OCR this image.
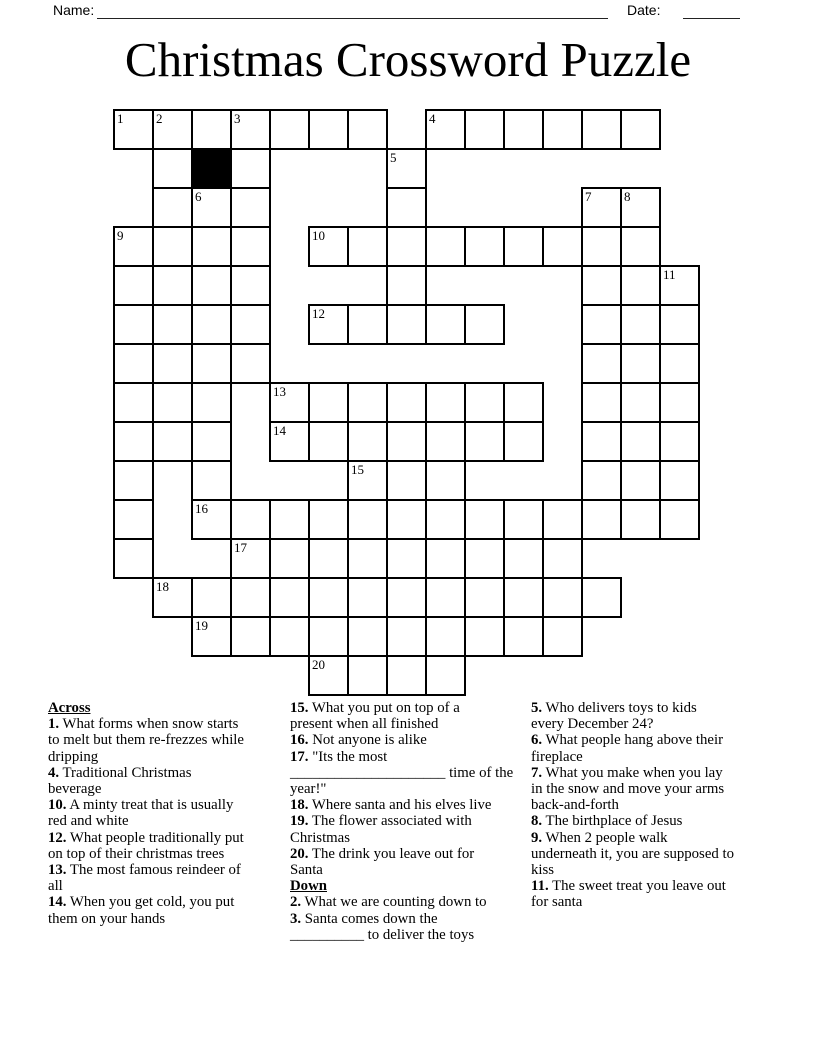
Name:	Date:
Christmas Crossword Puzzle
1	2	3	4
5
6	7	8
9	10
11
12
13
14
15
16
17
18
19
20
Across
1. What forms when snow starts
to melt but them re-frezzes while
dripping
4. Traditional Christmas
beverage
10. A minty treat that is usually
red and white
12. What people traditionally put
on top of their christmas trees
13. The most famous reindeer of
all
14. When you get cold, you put
them on your hands
15. What you put on top of a
present when all finished
16. Not anyone is alike
17. "Its the most
_____________________ time of the
year!"
18. Where santa and his elves live
19. The flower associated with
Christmas
20. The drink you leave out for
Santa
Down
2. What we are counting down to
3. Santa comes down the
__________ to deliver the toys
5. Who delivers toys to kids
every December 24?
6. What people hang above their
fireplace
7. What you make when you lay
in the snow and move your arms
back-and-forth
8. The birthplace of Jesus
9. When 2 people walk
underneath it, you are supposed to
kiss
11. The sweet treat you leave out
for santa
